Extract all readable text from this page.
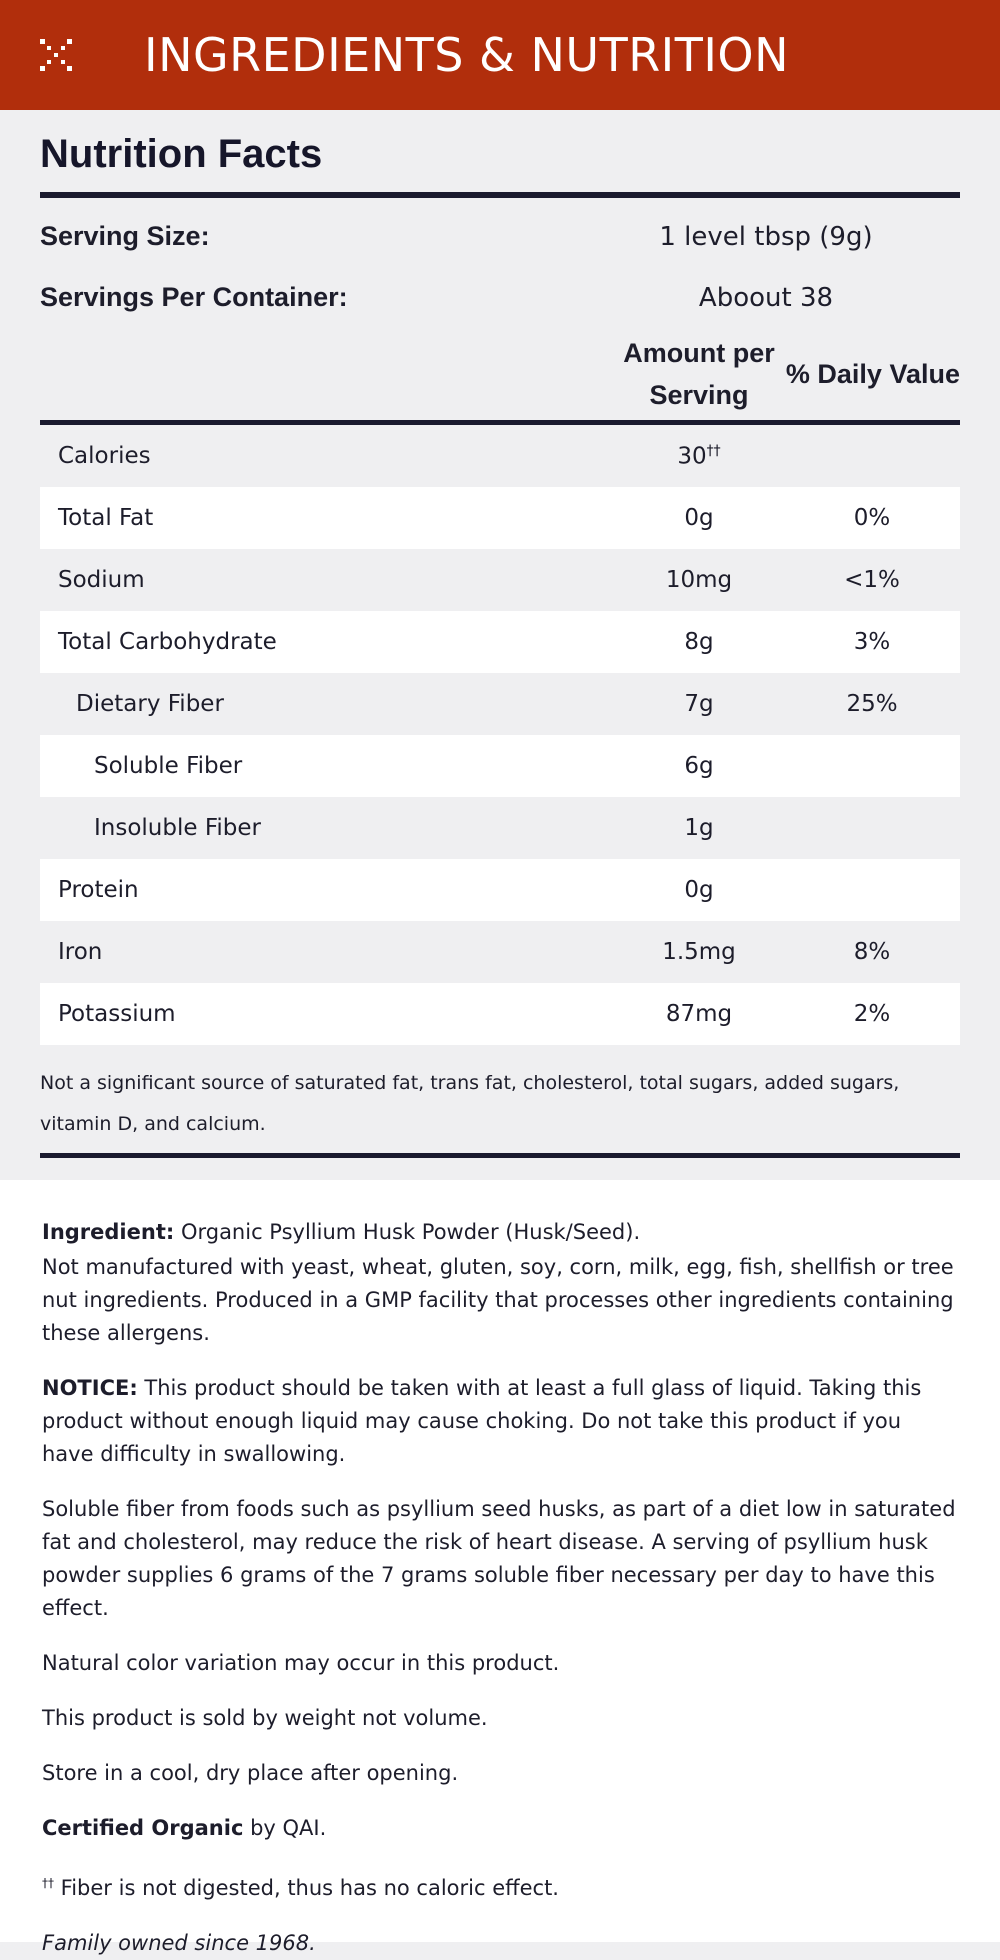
INGREDIENTS & NUTRITION
Nutrition Facts
Serving Size:	1 level tbsp (9g)
Servings Per Container:	Aboout 38
Amount per Serving
% Daily Value
Calories	30††
Total Fat	0g	0%
Sodium	10mg	<1%
Total Carbohydrate	8g	3%
Dietary Fiber	7g	25%
Soluble Fiber	6g
Insoluble Fiber	1g
Protein	0g
Iron	1.5mg	8%
Potassium	87mg	2%
Not a significant source of saturated fat, trans fat, cholesterol, total sugars, added sugars, vitamin D, and calcium.

Ingredient: Organic Psyllium Husk Powder (Husk/Seed).

Not manufactured with yeast, wheat, gluten, soy, corn, milk, egg, fish, shellfish or tree nut ingredients. Produced in a GMP facility that processes other ingredients containing these allergens.

NOTICE: This product should be taken with at least a full glass of liquid. Taking this product without enough liquid may cause choking. Do not take this product if you have difficulty in swallowing.

Soluble fiber from foods such as psyllium seed husks, as part of a diet low in saturated fat and cholesterol, may reduce the risk of heart disease. A serving of psyllium husk powder supplies 6 grams of the 7 grams soluble fiber necessary per day to have this effect.

Natural color variation may occur in this product.

This product is sold by weight not volume.

Store in a cool, dry place after opening.

Certified Organic by QAI.

†† Fiber is not digested, thus has no caloric effect.

Family owned since 1968.
